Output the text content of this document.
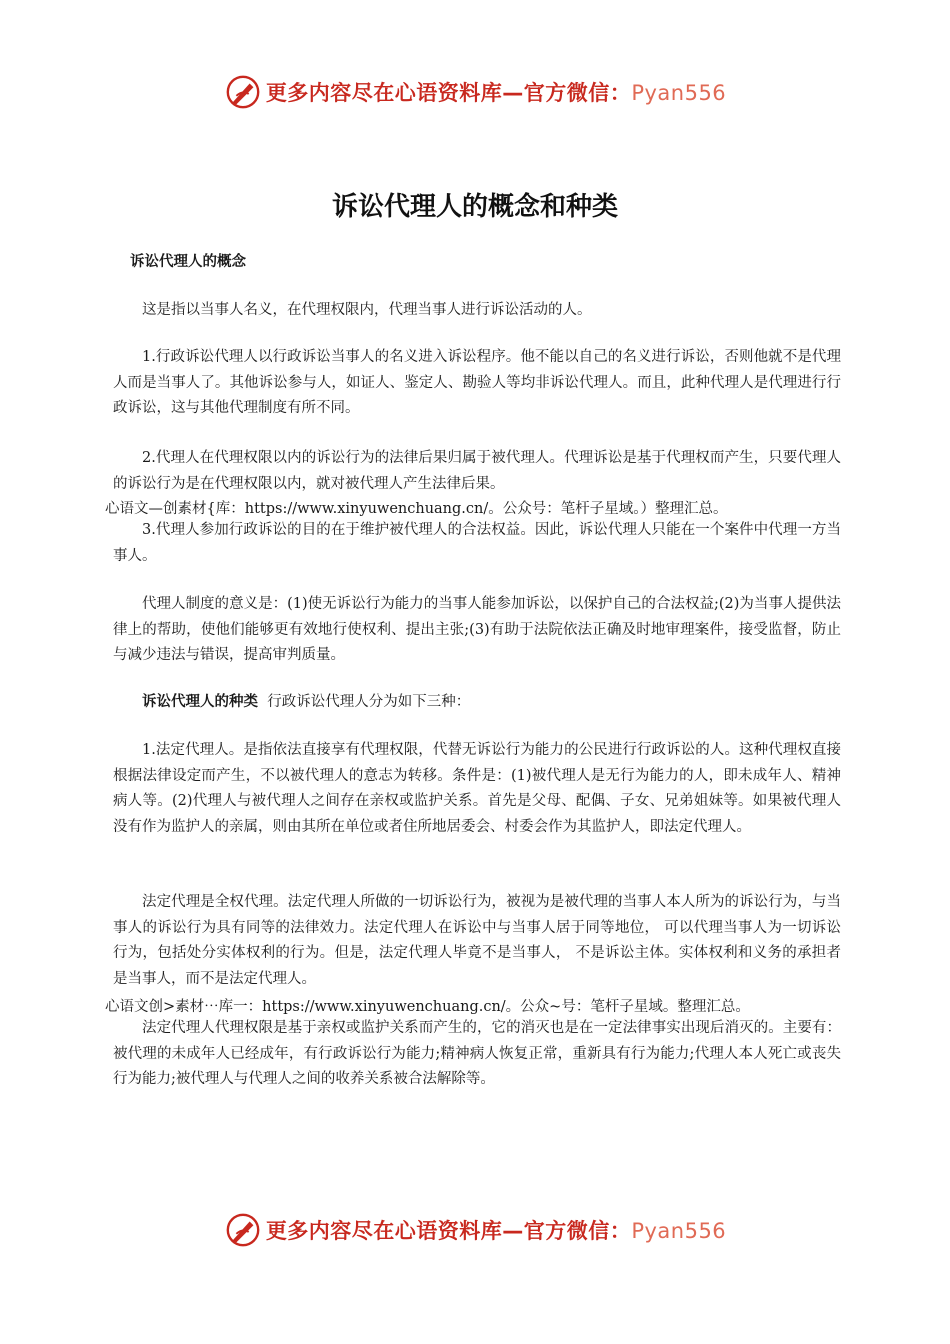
更多内容尽在心语资料库—官方微信：Pyan556
诉讼代理人的概念和种类
诉讼代理人的概念

这是指以当事人名义，在代理权限内，代理当事人进行诉讼活动的人。

1.行政诉讼代理人以行政诉讼当事人的名义进入诉讼程序。他不能以自己的名义进行诉讼，否则他就不是代理人而是当事人了。其他诉讼参与人，如证人、鉴定人、勘验人等均非诉讼代理人。而且，此种代理人是代理进行行政诉讼，这与其他代理制度有所不同。

2.代理人在代理权限以内的诉讼行为的法律后果归属于被代理人。代理诉讼是基于代理权而产生，只要代理人的诉讼行为是在代理权限以内，就对被代理人产生法律后果。

心语文—创素材{库：https://www.xinyuwenchuang.cn/。公众号：笔杆子星域。）整理汇总。

3.代理人参加行政诉讼的目的在于维护被代理人的合法权益。因此，诉讼代理人只能在一个案件中代理一方当事人。

代理人制度的意义是：(1)使无诉讼行为能力的当事人能参加诉讼，以保护自己的合法权益;(2)为当事人提供法律上的帮助，使他们能够更有效地行使权利、提出主张;(3)有助于法院依法正确及时地审理案件，接受监督，防止与减少违法与错误，提高审判质量。

诉讼代理人的种类 行政诉讼代理人分为如下三种：

1.法定代理人。是指依法直接享有代理权限，代替无诉讼行为能力的公民进行行政诉讼的人。这种代理权直接根据法律设定而产生，不以被代理人的意志为转移。条件是：(1)被代理人是无行为能力的人，即未成年人、精神病人等。(2)代理人与被代理人之间存在亲权或监护关系。首先是父母、配偶、子女、兄弟姐妹等。如果被代理人没有作为监护人的亲属，则由其所在单位或者住所地居委会、村委会作为其监护人，即法定代理人。

法定代理是全权代理。法定代理人所做的一切诉讼行为，被视为是被代理的当事人本人所为的诉讼行为，与当事人的诉讼行为具有同等的法律效力。法定代理人在诉讼中与当事人居于同等地位， 可以代理当事人为一切诉讼行为，包括处分实体权利的行为。但是，法定代理人毕竟不是当事人， 不是诉讼主体。实体权利和义务的承担者是当事人，而不是法定代理人。

心语文创>素材⋯库一：https://www.xinyuwenchuang.cn/。公众~号：笔杆子星域。整理汇总。

法定代理人代理权限是基于亲权或监护关系而产生的，它的消灭也是在一定法律事实出现后消灭的。主要有：被代理的未成年人已经成年，有行政诉讼行为能力;精神病人恢复正常，重新具有行为能力;代理人本人死亡或丧失行为能力;被代理人与代理人之间的收养关系被合法解除等。

更多内容尽在心语资料库—官方微信：Pyan556
